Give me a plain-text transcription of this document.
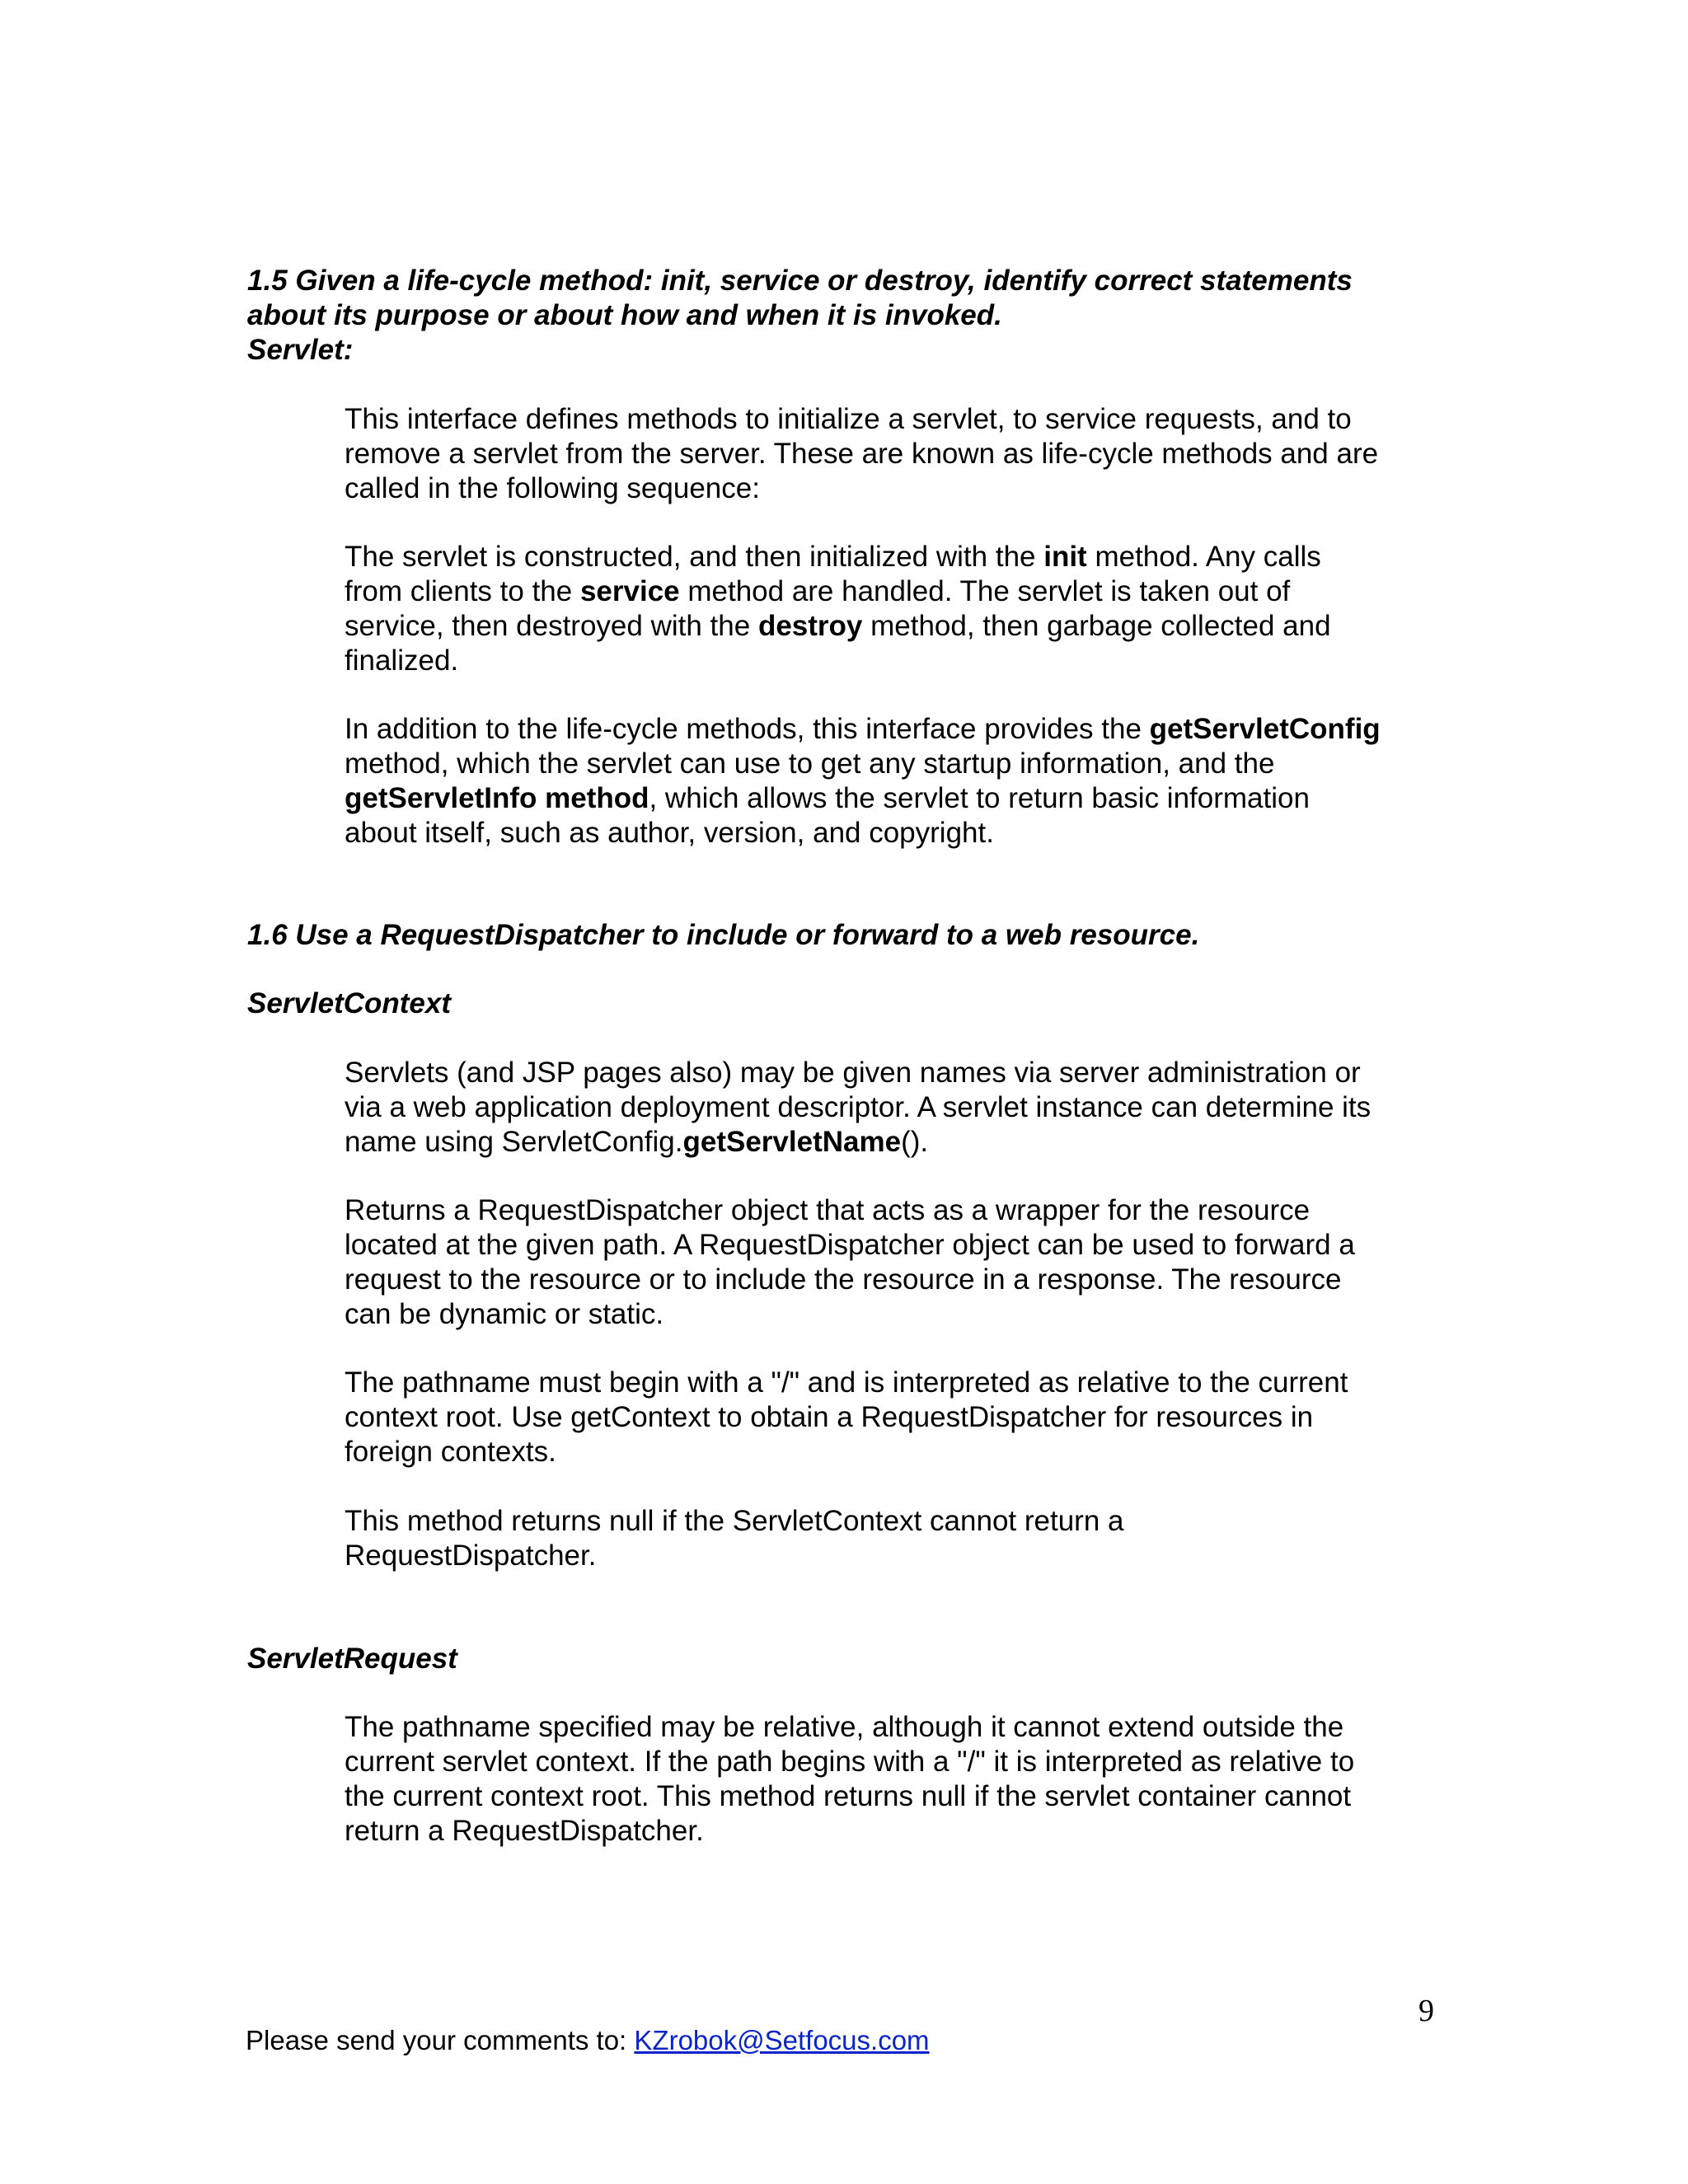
1.5 Given a life-cycle method: init, service or destroy, identify correct statements
about its purpose or about how and when it is invoked.
Servlet:
This interface defines methods to initialize a servlet, to service requests, and to
remove a servlet from the server. These are known as life-cycle methods and are
called in the following sequence:
The servlet is constructed, and then initialized with the init method. Any calls
from clients to the service method are handled. The servlet is taken out of
service, then destroyed with the destroy method, then garbage collected and
finalized.
In addition to the life-cycle methods, this interface provides the getServletConfig
method, which the servlet can use to get any startup information, and the
getServletInfo method, which allows the servlet to return basic information
about itself, such as author, version, and copyright.
1.6 Use a RequestDispatcher to include or forward to a web resource.
ServletContext
Servlets (and JSP pages also) may be given names via server administration or
via a web application deployment descriptor. A servlet instance can determine its
name using ServletConfig.getServletName().
Returns a RequestDispatcher object that acts as a wrapper for the resource
located at the given path. A RequestDispatcher object can be used to forward a
request to the resource or to include the resource in a response. The resource
can be dynamic or static.
The pathname must begin with a "/" and is interpreted as relative to the current
context root. Use getContext to obtain a RequestDispatcher for resources in
foreign contexts.
This method returns null if the ServletContext cannot return a
RequestDispatcher.
ServletRequest
The pathname specified may be relative, although it cannot extend outside the
current servlet context. If the path begins with a "/" it is interpreted as relative to
the current context root. This method returns null if the servlet container cannot
return a RequestDispatcher.
9
Please send your comments to: KZrobok@Setfocus.com
